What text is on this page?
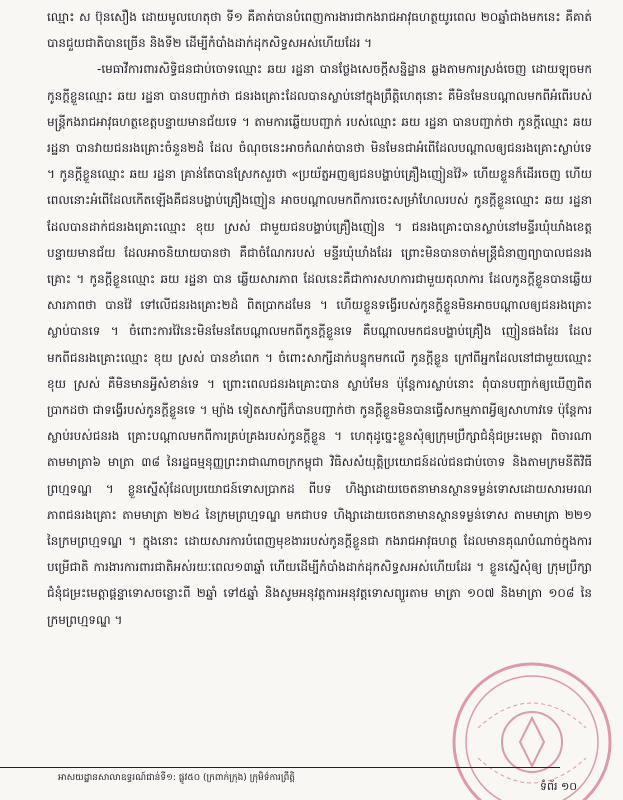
ឈ្មោះ ស ប៊ុនសឿង ដោយមូលហេតុថា ទី១ គឺគាត់បានបំពេញការងារជាកងរាជអាវុធហត្ថយូរពេល ២០ឆ្នាំជាងមកនេះ គឺគាត់បានជួយជាតិបានច្រើន និងទី២ ដើម្បីកំបាំងដាក់ដុកសិទ្ធសអស់ហើយដែរ ។

-មេធាវីការពារសិទ្ធិជនជាប់ចោទឈ្មោះ ឆយ រដ្ឋនា បានថ្លែងសេចក្តីសន្និដ្ឋាន ឆ្លងតាមការស្រង់ចេញ ដោយឡុចមក កូនក្តីខ្លួនឈ្មោះ ឆយ រដ្ឋនា បានបញ្ជាក់ថា ជនរងគ្រោះដែលបានស្លាប់នៅក្នុងព្រឹត្តិហេតុនោះ គឺមិនមែនបណ្តាលមកពីអំពើរបស់មន្ត្រីកងរាជអាវុធហត្ថខេត្តបន្ទាយមានជ័យទេ ។ តាមការឆ្លើយបញ្ជាក់ របស់ឈ្មោះ ឆយ រដ្ឋនា បានបញ្ជាក់ថា កូនក្តីឈ្មោះ ឆយ រដ្ឋនា បានវាយជនរងគ្រោះចំនួន២ដំ ដែល ចំណុចនេះអាចកំណត់បានថា មិនមែនជាអំពើដែលបណ្តាលឲ្យជនរងគ្រោះស្លាប់ទេ ។ កូនក្តីខ្លួនឈ្មោះ ឆយ រដ្ឋនា គ្រាន់តែបានស្រែកសួរថា «ប្រយ័ត្នអញឲ្យជនបង្ហាប់គ្រឿងញៀនវ៉ៃ» ហើយខ្លួនក៏ដើរចេញ ហើយពេលនោះអំពើដែលកើតឡើងគឺជនបង្ហាប់គ្រឿងញៀន អាចបណ្តាលមកពីការចេះសម្រាំហែលរបស់ កូនក្តីខ្លួនឈ្មោះ ឆយ រដ្ឋនា ដែលបានដាក់ជនរងគ្រោះឈ្មោះ ខុយ ស្រស់ ជាមួយជនបង្ហាប់គ្រឿងញៀន ។ ជនរងគ្រោះបានស្លាប់នៅមន្ទីរឃុំឃាំងខេត្តបន្ទាយមានជ័យ ដែលអាចនិយាយបានថា គឺជាចំណែករបស់ មន្ទីរឃុំឃាំងដែរ ព្រោះមិនបានចាត់មន្ត្រីជំនាញព្យាបាលជនរងគ្រោះ ។ កូនក្តីខ្លួនឈ្មោះ ឆយ រដ្ឋនា បាន ឆ្លើយសារភាព ដែលនេះគឺជាការសហការជាមួយតុលាការ ដែលកូនក្តីខ្លួនបានឆ្លើយសារភាពថា បានវ៉ៃ ទៅលើជនរងគ្រោះ២ដំ ពិតប្រាកដមែន ។ ហើយខ្លួនទង្វើរបស់កូនក្តីខ្លួនមិនអាចបណ្តាលឲ្យជនរងគ្រោះ ស្លាប់បានទេ ។ ចំពោះការវ៉ៃនេះមិនមែនតែបណ្តាលមកពីកូនក្តីខ្លួនទេ គឺបណ្តាលមកជនបង្ហាប់គ្រឿង ញៀនផងដែរ ដែលមកពីជនរងគ្រោះឈ្មោះ ខុយ ស្រស់ បានខាំពេក ។ ចំពោះសាក្សីដាក់បន្ទុកមកលើ កូនក្តីខ្លួន ក្រៅពីអ្នកដែលនៅជាមួយឈ្មោះ ខុយ ស្រស់ គឺមិនមានអ្វីសំខាន់ទេ ។ ព្រោះពេលជនរងគ្រោះបាន ស្លាប់មែន ប៉ុន្តែការស្លាប់នោះ ពុំបានបញ្ជាក់ឲ្យឃើញពិតប្រាកដថា ជាទង្វើរបស់កូនក្តីខ្លួនទេ ។ ម្យ៉ាង ទៀតសាក្សីក៏បានបញ្ជាក់ថា កូនក្តីខ្លួនមិនបានធ្វើសកម្មភាពអ្វីឲ្យសាហាវទេ ប៉ុន្តែការស្លាប់របស់ជនរង គ្រោះបណ្តាលមកពីការគ្រប់គ្រងរបស់កូនក្តីខ្លួន ។ ហេតុដូច្នេះខ្លួនសុំឲ្យក្រុមប្រឹក្សាជំនុំជម្រះមេត្តា ពិចារណា តាមមាត្រា៦ មាត្រា ៣៨ នៃរដ្ឋធម្មនុញ្ញព្រះរាជាណាចក្រកម្ពុជា វិធិសសំយុត្តិប្រយោជន៍ដល់ជនជាប់ចោទ និងតាមក្រមនីតិវិធីព្រហ្មទណ្ឌ ។ ខ្លួនស្នើសុំដែលប្រយោជន៍ទោសប្រាកដ ពីបទ ហិង្សាដោយចេតនាមានស្ថានទម្ងន់ទោសដោយសារមរណភាពជនរងគ្រោះ តាមមាត្រា ២២៤ នៃក្រមព្រហ្មទណ្ឌ មកជាបទ ហិង្សាដោយចេតនាមានស្ថានទម្ងន់ទោស តាមមាត្រា ២២១ នៃក្រមព្រហ្មទណ្ឌ ។ ក្នុងនោះ ដោយសារការបំពេញមុខងាររបស់កូនក្តីខ្លួនជា កងរាជអាវុធហត្ថ ដែលមានគុណបំណាច់ក្នុងការបម្រើជាតិ ការងារការពារជាតិអស់រយៈពេល១៣ឆ្នាំ ហើយដើម្បីកំបាំងដាក់ដុកសិទ្ធសអស់ហើយដែរ ។ ខ្លួនស្នើសុំឲ្យ ក្រុមប្រឹក្សាជំនុំជម្រះមេត្តាផ្តន្ទាទោសចន្លោះពី ២ឆ្នាំ ទៅ៥ឆ្នាំ និងសូមអនុវត្តការអនុវត្តទោសព្យួរតាម មាត្រា ១០៧ និងមាត្រា ១០៨ នៃក្រមព្រហ្មទណ្ឌ ។

អាសយដ្ឋានសាលាឧទ្ធរណ៍ជាន់ទី១: ផ្លូវ៥០ (ក្រពាក់ក្រុង) ក្រុមិទ៌ការព្រឹត្តិ
ទំព័រ ១០
